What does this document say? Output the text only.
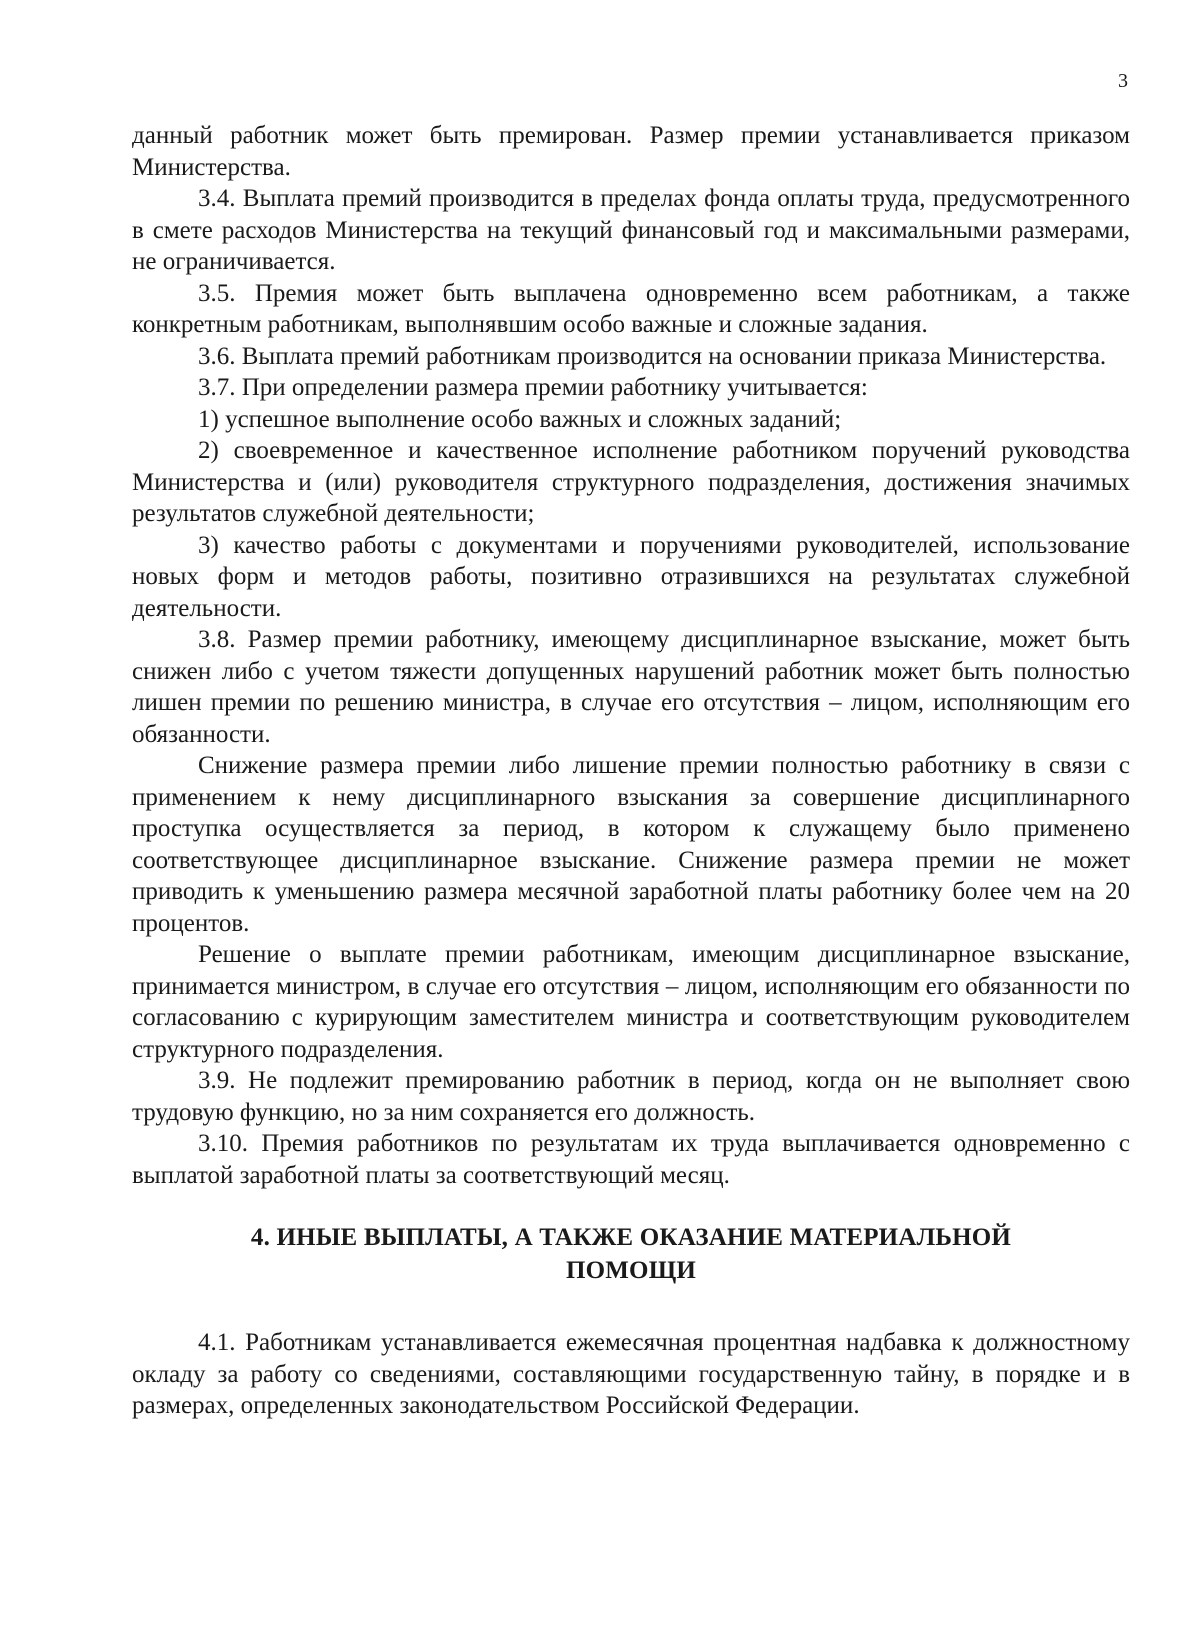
3

данный работник может быть премирован. Размер премии устанавливается приказом Министерства.

3.4. Выплата премий производится в пределах фонда оплаты труда, предусмотренного в смете расходов Министерства на текущий финансовый год и максимальными размерами, не ограничивается.

3.5. Премия может быть выплачена одновременно всем работникам, а также конкретным работникам, выполнявшим особо важные и сложные задания.

3.6. Выплата премий работникам производится на основании приказа Министерства.

3.7. При определении размера премии работнику учитывается:

1) успешное выполнение особо важных и сложных заданий;

2) своевременное и качественное исполнение работником поручений руководства Министерства и (или) руководителя структурного подразделения, достижения значимых результатов служебной деятельности;

3) качество работы с документами и поручениями руководителей, использование новых форм и методов работы, позитивно отразившихся на результатах служебной деятельности.

3.8. Размер премии работнику, имеющему дисциплинарное взыскание, может быть снижен либо с учетом тяжести допущенных нарушений работник может быть полностью лишен премии по решению министра, в случае его отсутствия – лицом, исполняющим его обязанности.

Снижение размера премии либо лишение премии полностью работнику в связи с применением к нему дисциплинарного взыскания за совершение дисциплинарного проступка осуществляется за период, в котором к служащему было применено соответствующее дисциплинарное взыскание. Снижение размера премии не может приводить к уменьшению размера месячной заработной платы работнику более чем на 20 процентов.

Решение о выплате премии работникам, имеющим дисциплинарное взыскание, принимается министром, в случае его отсутствия – лицом, исполняющим его обязанности по согласованию с курирующим заместителем министра и соответствующим руководителем структурного подразделения.

3.9. Не подлежит премированию работник в период, когда он не выполняет свою трудовую функцию, но за ним сохраняется его должность.

3.10. Премия работников по результатам их труда выплачивается одновременно с выплатой заработной платы за соответствующий месяц.

4. ИНЫЕ ВЫПЛАТЫ, А ТАКЖЕ ОКАЗАНИЕ МАТЕРИАЛЬНОЙ ПОМОЩИ

4.1. Работникам устанавливается ежемесячная процентная надбавка к должностному окладу за работу со сведениями, составляющими государственную тайну, в порядке и в размерах, определенных законодательством Российской Федерации.
